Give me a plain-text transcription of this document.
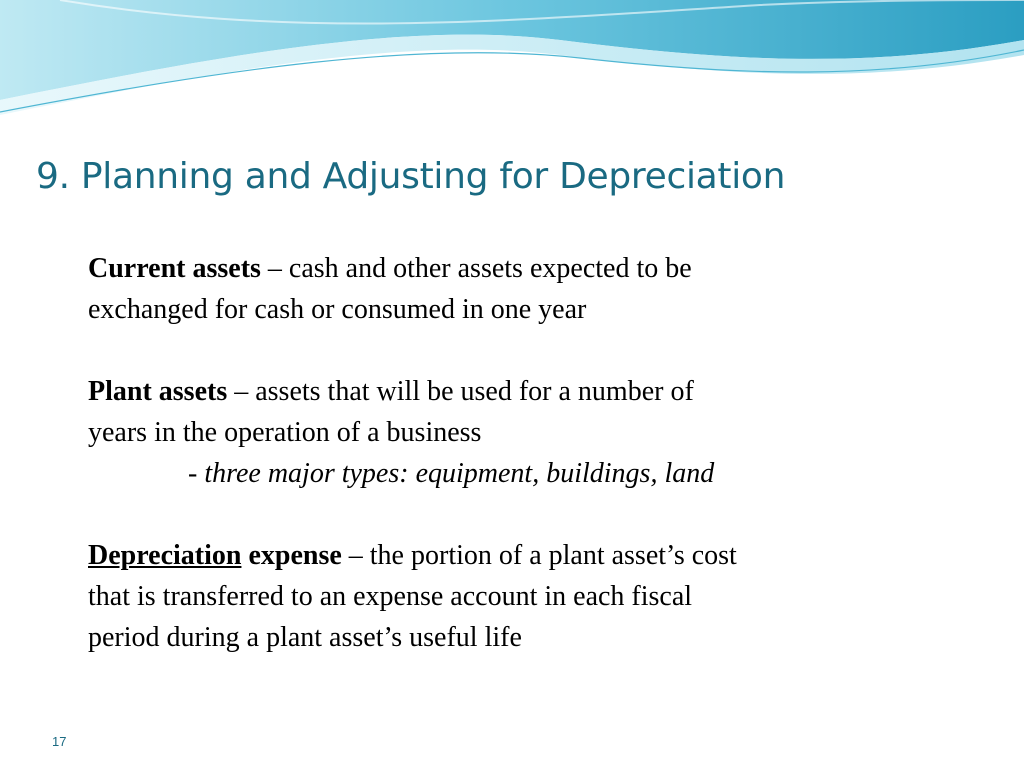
9. Planning and Adjusting for Depreciation

Current assets – cash and other assets expected to be
exchanged for cash or consumed in one year

Plant assets – assets that will be used for a number of
years in the operation of a business
- three major types: equipment, buildings, land

Depreciation expense – the portion of a plant asset’s cost
that is transferred to an expense account in each fiscal
period during a plant asset’s useful life

17
